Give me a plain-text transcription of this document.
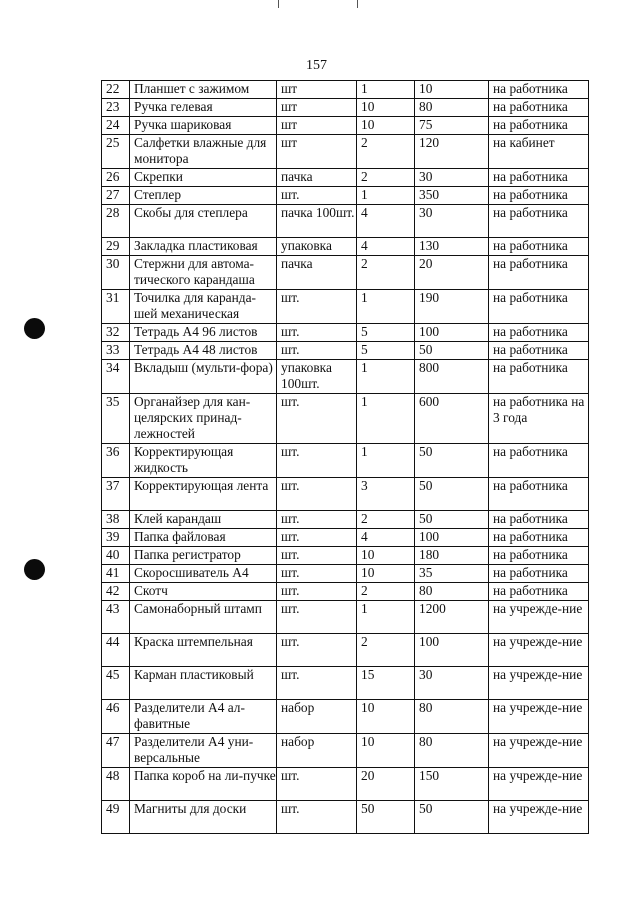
157
22	Планшет с зажимом	шт	1	10	на работника
23	Ручка гелевая	шт	10	80	на работника
24	Ручка шариковая	шт	10	75	на работника
25	Салфетки влажные для монитора	шт	2	120	на кабинет
26	Скрепки	пачка	2	30	на работника
27	Степлер	шт.	1	350	на работника
28	Скобы для степлера	пачка 100шт.	4	30	на работника
29	Закладка пластиковая	упаковка	4	130	на работника
30	Стержни для автома-тического карандаша	пачка	2	20	на работника
31	Точилка для каранда-шей механическая	шт.	1	190	на работника
32	Тетрадь А4 96 листов	шт.	5	100	на работника
33	Тетрадь А4 48 листов	шт.	5	50	на работника
34	Вкладыш (мульти-фора)	упаковка 100шт.	1	800	на работника
35	Органайзер для кан-целярских принад-лежностей	шт.	1	600	на работника на 3 года
36	Корректирующая жидкость	шт.	1	50	на работника
37	Корректирующая лента	шт.	3	50	на работника
38	Клей карандаш	шт.	2	50	на работника
39	Папка файловая	шт.	4	100	на работника
40	Папка регистратор	шт.	10	180	на работника
41	Скоросшиватель А4	шт.	10	35	на работника
42	Скотч	шт.	2	80	на работника
43	Самонаборный штамп	шт.	1	1200	на учрежде-ние
44	Краска штемпельная	шт.	2	100	на учрежде-ние
45	Карман пластиковый	шт.	15	30	на учрежде-ние
46	Разделители А4 ал-фавитные	набор	10	80	на учрежде-ние
47	Разделители А4 уни-версальные	набор	10	80	на учрежде-ние
48	Папка короб на ли-пучке	шт.	20	150	на учрежде-ние
49	Магниты для доски	шт.	50	50	на учрежде-ние
